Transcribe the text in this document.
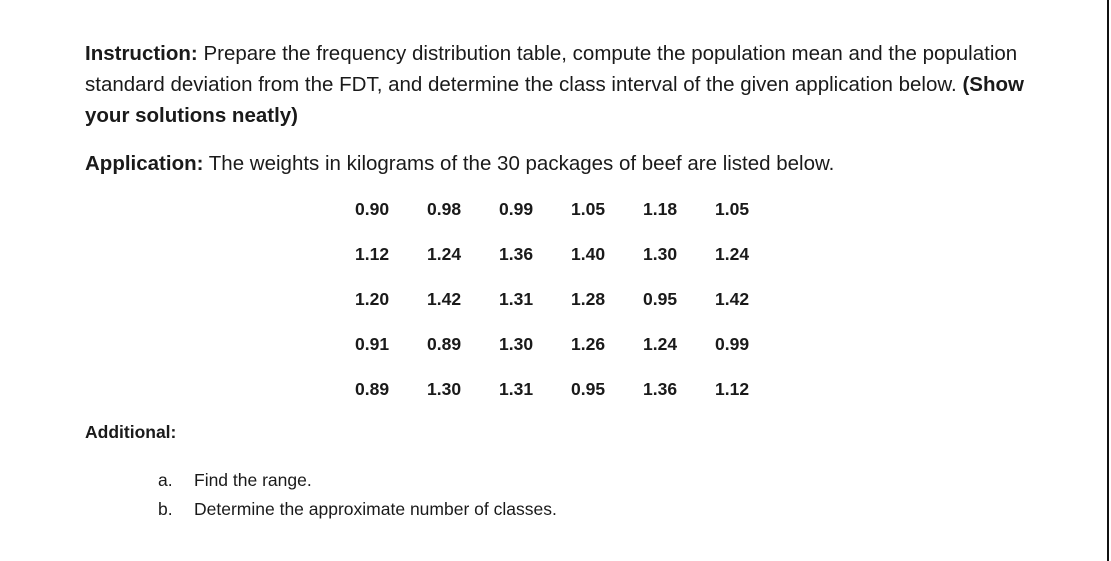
Instruction: Prepare the frequency distribution table, compute the population mean and the population standard deviation from the FDT, and determine the class interval of the given application below. (Show your solutions neatly)
Application: The weights in kilograms of the 30 packages of beef are listed below.
0.90	0.98	0.99	1.05	1.18	1.05
1.12	1.24	1.36	1.40	1.30	1.24
1.20	1.42	1.31	1.28	0.95	1.42
0.91	0.89	1.30	1.26	1.24	0.99
0.89	1.30	1.31	0.95	1.36	1.12
Additional:
a.	Find the range.
b.	Determine the approximate number of classes.
